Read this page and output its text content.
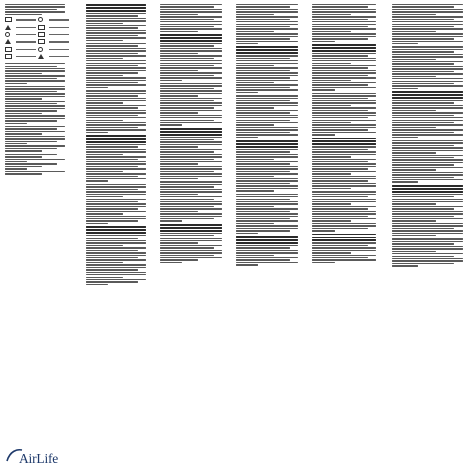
AirLife
